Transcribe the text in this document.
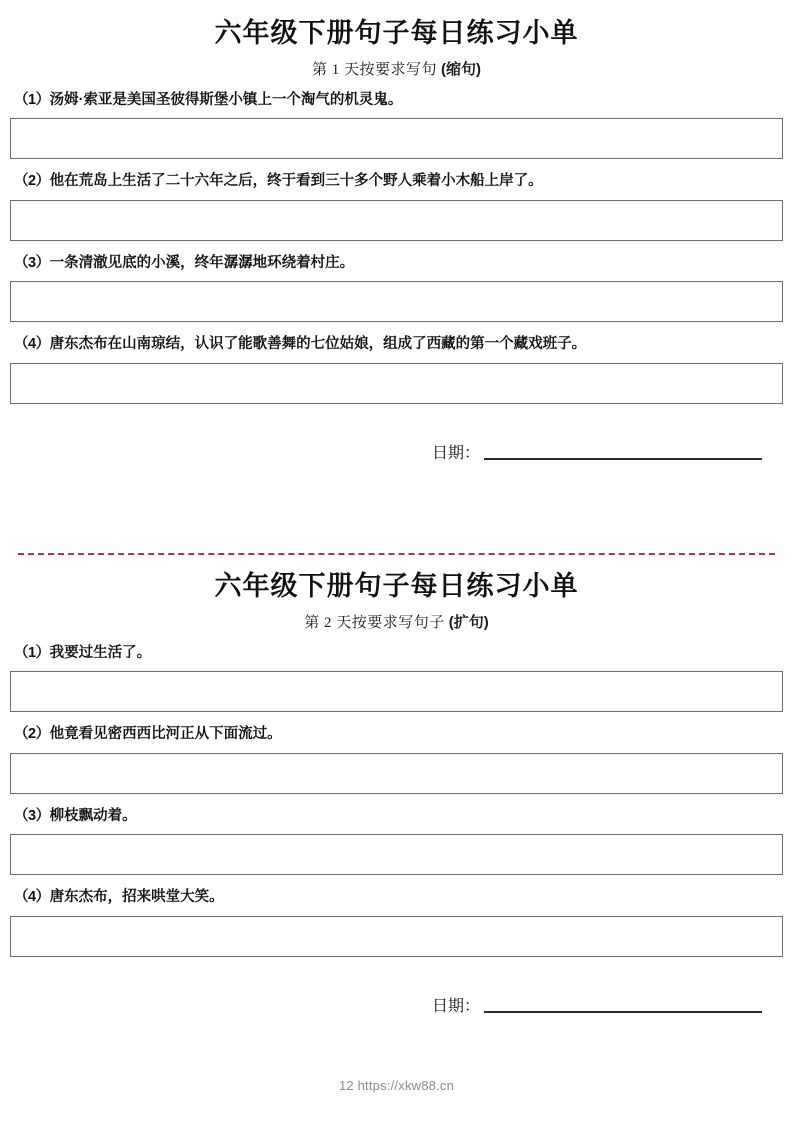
六年级下册句子每日练习小单

第 1 天按要求写句 (缩句)

（1）汤姆·索亚是美国圣彼得斯堡小镇上一个淘气的机灵鬼。

（2）他在荒岛上生活了二十六年之后，终于看到三十多个野人乘着小木船上岸了。

（3）一条清澈见底的小溪，终年潺潺地环绕着村庄。

（4）唐东杰布在山南琼结，认识了能歌善舞的七位姑娘，组成了西藏的第一个藏戏班子。

日期：
六年级下册句子每日练习小单

第 2 天按要求写句子 (扩句)

（1）我要过生活了。

（2）他竟看见密西西比河正从下面流过。

（3）柳枝飘动着。

（4）唐东杰布，招来哄堂大笑。

日期：
12 https://xkw88.cn
